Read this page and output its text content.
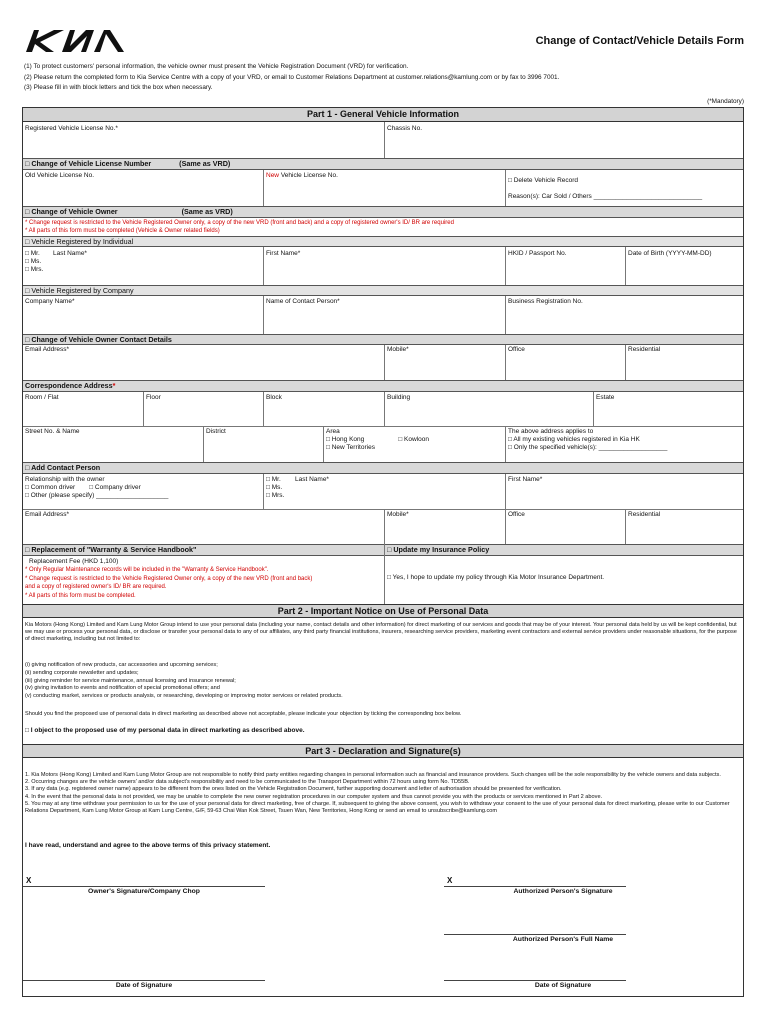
Change of Contact/Vehicle Details Form
(1) To protect customers' personal information, the vehicle owner must present the Vehicle Registration Document (VRD) for verification.
(2) Please return the completed form to Kia Service Centre with a copy of your VRD, or email to Customer Relations Department at customer.relations@kamlung.com or by fax to 3996 7001.
(3) Please fill in with block letters and tick the box when necessary.
(*Mandatory)
Part 1 - General Vehicle Information
Registered Vehicle License No.*	Chassis No.
□ Change of Vehicle License Number	(Same as VRD)
Old Vehicle License No.	New Vehicle License No.
□ Delete Vehicle Record
Reason(s): Car Sold / Others ______________________________
□ Change of Vehicle Owner	(Same as VRD)
* Change request is restricted to the Vehicle Registered Owner only, a copy of the new VRD (front and back) and a copy of registered owner's ID/ BR are required
* All parts of this form must be completed (Vehicle & Owner related fields)
□ Vehicle Registered by Individual
□ Mr.
□ Ms.
□ Mrs.
Last Name*	First Name*	HKID / Passport No.	Date of Birth (YYYY-MM-DD)
□ Vehicle Registered by Company
Company Name*	Name of Contact Person*	Business Registration No.
□ Change of Vehicle Owner Contact Details
Email Address*	Mobile*	Office	Residential
Correspondence Address*
Room / Flat	Floor	Block	Building	Estate
Street No. & Name	District	Area
□ Hong Kong	□ Kowloon
□ New Territories
The above address applies to
□ All my existing vehicles registered in Kia HK
□ Only the specified vehicle(s): ___________________
□ Add Contact Person
Relationship with the owner
□ Common driver □ Company driver
□ Other (please specify) ____________________
□ Mr.
□ Ms.
□ Mrs.
Last Name*	First Name*
Email Address*	Mobile*	Office	Residential
□ Replacement of "Warranty & Service Handbook"	□ Update my Insurance Policy
Replacement Fee (HKD 1,100)
* Only Regular Maintenance records will be included in the "Warranty & Service Handbook".
* Change request is restricted to the Vehicle Registered Owner only, a copy of the new VRD (front and back)
and a copy of registered owner's ID/ BR are required.
* All parts of this form must be completed.
□ Yes, I hope to update my policy through Kia Motor Insurance Department.
Part 2 - Important Notice on Use of Personal Data
Kia Motors (Hong Kong) Limited and Kam Lung Motor Group intend to use your personal data (including your name, contact details and other information) for direct marketing of our services and goods that may be of your interest. Your personal data held by us will be kept confidential, but we may use or process your personal data, or disclose or transfer your personal data to any of our affiliates, any third party financial institutions, insurers, researching service providers, marketing event contractors and external service providers under reasonable situations, for the purpose of direct marketing, including but not limited to:
(i) giving notification of new products, car accessories and upcoming services;
(ii) sending corporate newsletter and updates;
(iii) giving reminder for service maintenance, annual licensing and insurance renewal;
(iv) giving invitation to events and notification of special promotional offers; and
(v) conducting market, services or products analysis, or researching, developing or improving motor services or related products.
Should you find the proposed use of personal data in direct marketing as described above not acceptable, please indicate your objection by ticking the corresponding box below.
□ I object to the proposed use of my personal data in direct marketing as described above.
Part 3 - Declaration and Signature(s)
1. Kia Motors (Hong Kong) Limited and Kam Lung Motor Group are not responsible to notify third party entities regarding changes in personal information such as financial and insurance providers. Such changes will be the sole responsibility by the vehicle owners and data subjects.
2. Occurring changes are the vehicle owners' and/or data subject's responsibility and need to be communicated to the Transport Department within 72 hours using form No. TD55B.
3. If any data (e.g. registered owner name) appears to be different from the ones listed on the Vehicle Registration Document, further supporting document and letter of authorisation should be presented for verification.
4. In the event that the personal data is not provided, we may be unable to complete the new owner registration procedures in our computer system and thus cannot provide you with the products or services mentioned in Part 2 above.
5. You may at any time withdraw your permission to us for the use of your personal data for direct marketing, free of charge. If, subsequent to giving the above consent, you wish to withdraw your consent to the use of your personal data for direct marketing, please write to our Customer Relations Department, Kam Lung Motor Group at Kam Lung Centre, G/F, 59-63 Chai Wan Kok Street, Tsuen Wan, New Territories, Hong Kong or send an email to unsubscribe@kamlung.com
I have read, understand and agree to the above terms of this privacy statement.
X
Owner's Signature/Company Chop
X
Authorized Person's Signature
Authorized Person's Full Name
Date of Signature	Date of Signature
